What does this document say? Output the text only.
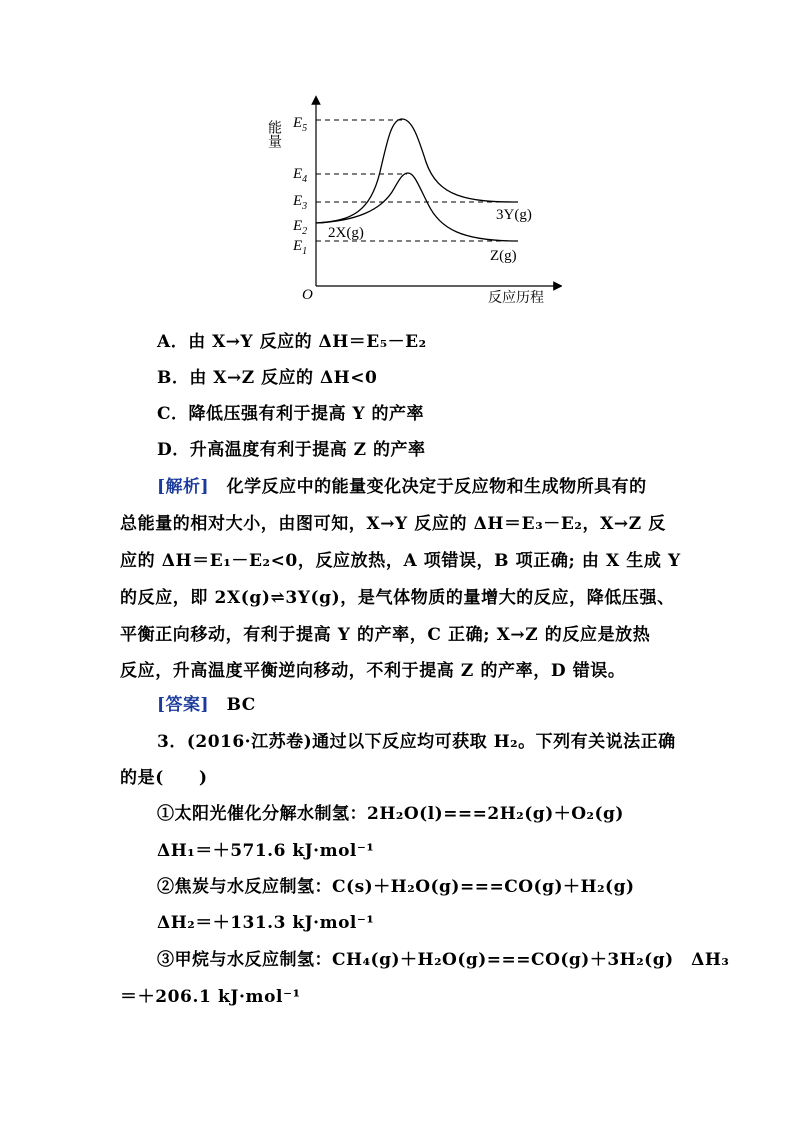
能量 $E_5$
$E_4$
$E_3$
$E_2$
$E_1$
2X(g)
3Y(g)
Z(g)
O	反应历程
A．由 X→Y 反应的 ΔH＝E₅－E₂
B．由 X→Z 反应的 ΔH<0
C．降低压强有利于提高 Y 的产率
D．升高温度有利于提高 Z 的产率
[解析]　 化学反应中的能量变化决定于反应物和生成物所具有的
总能量的相对大小，由图可知，X→Y 反应的 ΔH＝E₃－E₂，X→Z 反
应的 ΔH＝E₁－E₂<0，反应放热，A 项错误，B 项正确; 由 X 生成 Y
的反应，即 2X(g)⇌3Y(g)，是气体物质的量增大的反应，降低压强、
平衡正向移动，有利于提高 Y 的产率，C 正确; X→Z 的反应是放热
反应，升高温度平衡逆向移动，不利于提高 Z 的产率，D 错误。
[答案]　 BC
3．(2016·江苏卷)通过以下反应均可获取 H₂。下列有关说法正确
的是(　　)
①太阳光催化分解水制氢：2H₂O(l)===2H₂(g)＋O₂(g)
ΔH₁＝＋571.6 kJ·mol⁻¹
②焦炭与水反应制氢：C(s)＋H₂O(g)===CO(g)＋H₂(g)
ΔH₂＝＋131.3 kJ·mol⁻¹
③甲烷与水反应制氢：CH₄(g)＋H₂O(g)===CO(g)＋3H₂(g)　ΔH₃
＝＋206.1 kJ·mol⁻¹
